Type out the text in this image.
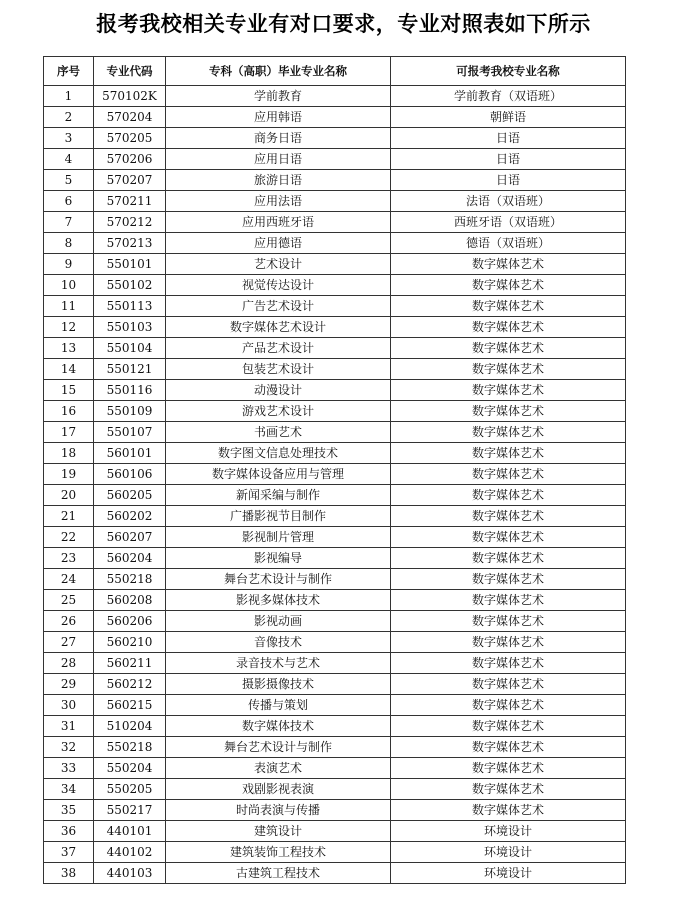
报考我校相关专业有对口要求，专业对照表如下所示
序号	专业代码	专科（高职）毕业专业名称	可报考我校专业名称
1	570102K	学前教育	学前教育（双语班）
2	570204	应用韩语	朝鲜语
3	570205	商务日语	日语
4	570206	应用日语	日语
5	570207	旅游日语	日语
6	570211	应用法语	法语（双语班）
7	570212	应用西班牙语	西班牙语（双语班）
8	570213	应用德语	德语（双语班）
9	550101	艺术设计	数字媒体艺术
10	550102	视觉传达设计	数字媒体艺术
11	550113	广告艺术设计	数字媒体艺术
12	550103	数字媒体艺术设计	数字媒体艺术
13	550104	产品艺术设计	数字媒体艺术
14	550121	包装艺术设计	数字媒体艺术
15	550116	动漫设计	数字媒体艺术
16	550109	游戏艺术设计	数字媒体艺术
17	550107	书画艺术	数字媒体艺术
18	560101	数字图文信息处理技术	数字媒体艺术
19	560106	数字媒体设备应用与管理	数字媒体艺术
20	560205	新闻采编与制作	数字媒体艺术
21	560202	广播影视节目制作	数字媒体艺术
22	560207	影视制片管理	数字媒体艺术
23	560204	影视编导	数字媒体艺术
24	550218	舞台艺术设计与制作	数字媒体艺术
25	560208	影视多媒体技术	数字媒体艺术
26	560206	影视动画	数字媒体艺术
27	560210	音像技术	数字媒体艺术
28	560211	录音技术与艺术	数字媒体艺术
29	560212	摄影摄像技术	数字媒体艺术
30	560215	传播与策划	数字媒体艺术
31	510204	数字媒体技术	数字媒体艺术
32	550218	舞台艺术设计与制作	数字媒体艺术
33	550204	表演艺术	数字媒体艺术
34	550205	戏剧影视表演	数字媒体艺术
35	550217	时尚表演与传播	数字媒体艺术
36	440101	建筑设计	环境设计
37	440102	建筑装饰工程技术	环境设计
38	440103	古建筑工程技术	环境设计
